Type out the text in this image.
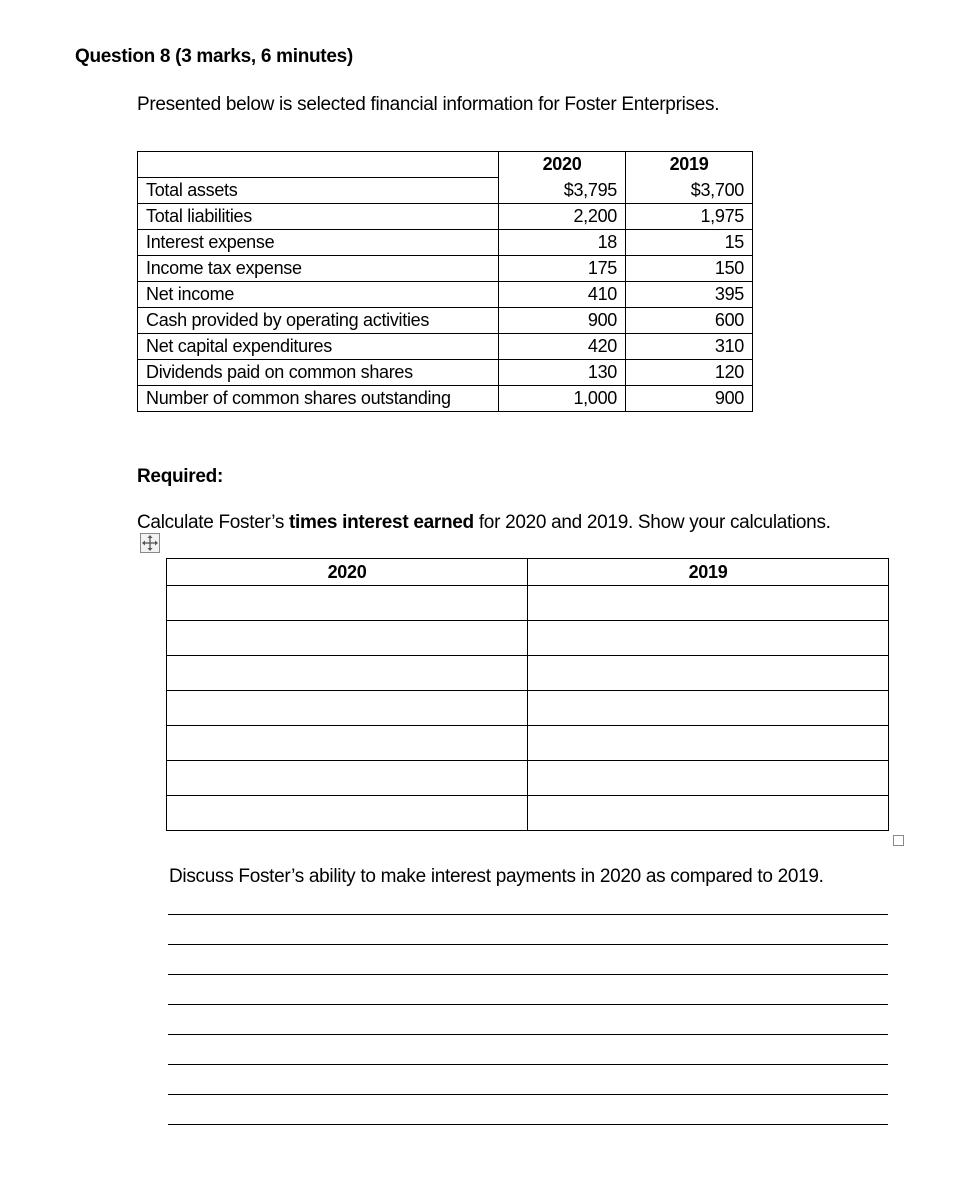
Question 8 (3 marks, 6 minutes)
Presented below is selected financial information for Foster Enterprises.
	2020	2019
Total assets	$3,795	$3,700
Total liabilities	2,200	1,975
Interest expense	18	15
Income tax expense	175	150
Net income	410	395
Cash provided by operating activities	900	600
Net capital expenditures	420	310
Dividends paid on common shares	130	120
Number of common shares outstanding	1,000	900
Required:
Calculate Foster’s times interest earned for 2020 and 2019. Show your calculations.
2020	2019

Discuss Foster’s ability to make interest payments in 2020 as compared to 2019.
